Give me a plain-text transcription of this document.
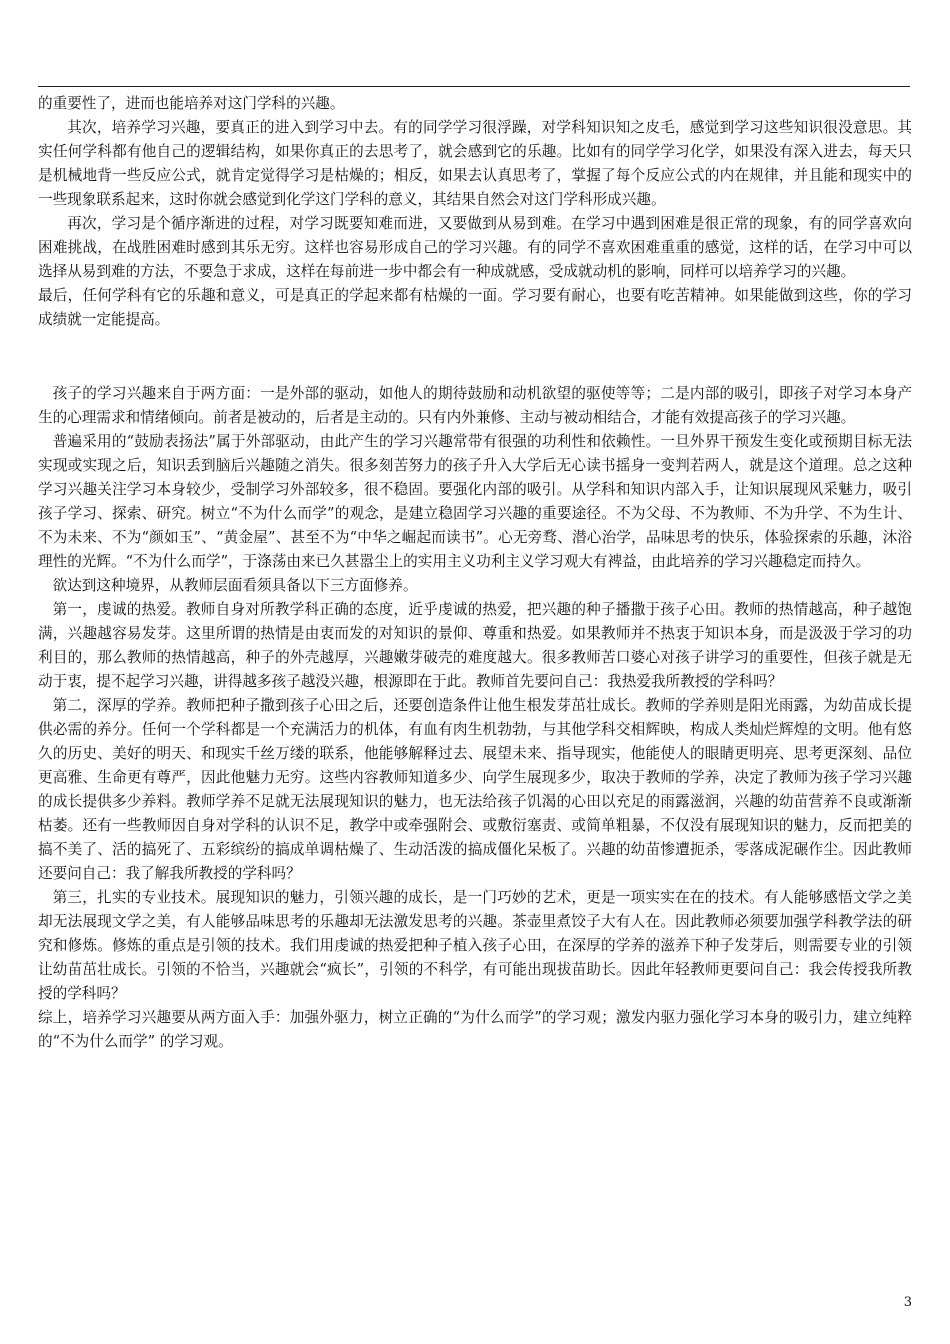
的重要性了，进而也能培养对这门学科的兴趣。

其次，培养学习兴趣，要真正的进入到学习中去。有的同学学习很浮躁，对学科知识知之皮毛，感觉到学习这些知识很没意思。其实任何学科都有他自己的逻辑结构，如果你真正的去思考了，就会感到它的乐趣。比如有的同学学习化学，如果没有深入进去，每天只是机械地背一些反应公式，就肯定觉得学习是枯燥的；相反，如果去认真思考了，掌握了每个反应公式的内在规律，并且能和现实中的一些现象联系起来，这时你就会感觉到化学这门学科的意义，其结果自然会对这门学科形成兴趣。

再次，学习是个循序渐进的过程，对学习既要知难而进，又要做到从易到难。在学习中遇到困难是很正常的现象，有的同学喜欢向困难挑战，在战胜困难时感到其乐无穷。这样也容易形成自己的学习兴趣。有的同学不喜欢困难重重的感觉，这样的话，在学习中可以选择从易到难的方法，不要急于求成，这样在每前进一步中都会有一种成就感，受成就动机的影响，同样可以培养学习的兴趣。

最后，任何学科有它的乐趣和意义，可是真正的学起来都有枯燥的一面。学习要有耐心，也要有吃苦精神。如果能做到这些，你的学习成绩就一定能提高。

孩子的学习兴趣来自于两方面：一是外部的驱动，如他人的期待鼓励和动机欲望的驱使等等；二是内部的吸引，即孩子对学习本身产生的心理需求和情绪倾向。前者是被动的，后者是主动的。只有内外兼修、主动与被动相结合，才能有效提高孩子的学习兴趣。

普遍采用的“鼓励表扬法”属于外部驱动，由此产生的学习兴趣常带有很强的功利性和依赖性。一旦外界干预发生变化或预期目标无法实现或实现之后，知识丢到脑后兴趣随之消失。很多刻苦努力的孩子升入大学后无心读书摇身一变判若两人，就是这个道理。总之这种学习兴趣关注学习本身较少，受制学习外部较多，很不稳固。要强化内部的吸引。从学科和知识内部入手，让知识展现风采魅力，吸引孩子学习、探索、研究。树立“不为什么而学”的观念，是建立稳固学习兴趣的重要途径。不为父母、不为教师、不为升学、不为生计、不为未来、不为“颜如玉”、“黄金屋”、甚至不为“中华之崛起而读书”。心无旁骛、潜心治学，品味思考的快乐，体验探索的乐趣，沐浴理性的光辉。“不为什么而学”，于涤荡由来已久甚嚣尘上的实用主义功利主义学习观大有裨益，由此培养的学习兴趣稳定而持久。

欲达到这种境界，从教师层面看须具备以下三方面修养。

第一，虔诚的热爱。教师自身对所教学科正确的态度，近乎虔诚的热爱，把兴趣的种子播撒于孩子心田。教师的热情越高，种子越饱满，兴趣越容易发芽。这里所谓的热情是由衷而发的对知识的景仰、尊重和热爱。如果教师并不热衷于知识本身，而是汲汲于学习的功利目的，那么教师的热情越高，种子的外壳越厚，兴趣嫩芽破壳的难度越大。很多教师苦口婆心对孩子讲学习的重要性，但孩子就是无动于衷，提不起学习兴趣，讲得越多孩子越没兴趣，根源即在于此。教师首先要问自己：我热爱我所教授的学科吗？

第二，深厚的学养。教师把种子撒到孩子心田之后，还要创造条件让他生根发芽茁壮成长。教师的学养则是阳光雨露，为幼苗成长提供必需的养分。任何一个学科都是一个充满活力的机体，有血有肉生机勃勃，与其他学科交相辉映，构成人类灿烂辉煌的文明。他有悠久的历史、美好的明天、和现实千丝万缕的联系，他能够解释过去、展望未来、指导现实，他能使人的眼睛更明亮、思考更深刻、品位更高雅、生命更有尊严，因此他魅力无穷。这些内容教师知道多少、向学生展现多少，取决于教师的学养，决定了教师为孩子学习兴趣的成长提供多少养料。教师学养不足就无法展现知识的魅力，也无法给孩子饥渴的心田以充足的雨露滋润，兴趣的幼苗营养不良或渐渐枯萎。还有一些教师因自身对学科的认识不足，教学中或牵强附会、或敷衍塞责、或简单粗暴，不仅没有展现知识的魅力，反而把美的搞不美了、活的搞死了、五彩缤纷的搞成单调枯燥了、生动活泼的搞成僵化呆板了。兴趣的幼苗惨遭扼杀，零落成泥碾作尘。因此教师还要问自己：我了解我所教授的学科吗？

第三，扎实的专业技术。展现知识的魅力，引领兴趣的成长，是一门巧妙的艺术，更是一项实实在在的技术。有人能够感悟文学之美却无法展现文学之美，有人能够品味思考的乐趣却无法激发思考的兴趣。茶壶里煮饺子大有人在。因此教师必须要加强学科教学法的研究和修炼。修炼的重点是引领的技术。我们用虔诚的热爱把种子植入孩子心田，在深厚的学养的滋养下种子发芽后，则需要专业的引领让幼苗茁壮成长。引领的不恰当，兴趣就会“疯长”，引领的不科学，有可能出现拔苗助长。因此年轻教师更要问自己：我会传授我所教授的学科吗？

综上，培养学习兴趣要从两方面入手：加强外驱力，树立正确的“为什么而学”的学习观；激发内驱力强化学习本身的吸引力，建立纯粹的“不为什么而学” 的学习观。

3
